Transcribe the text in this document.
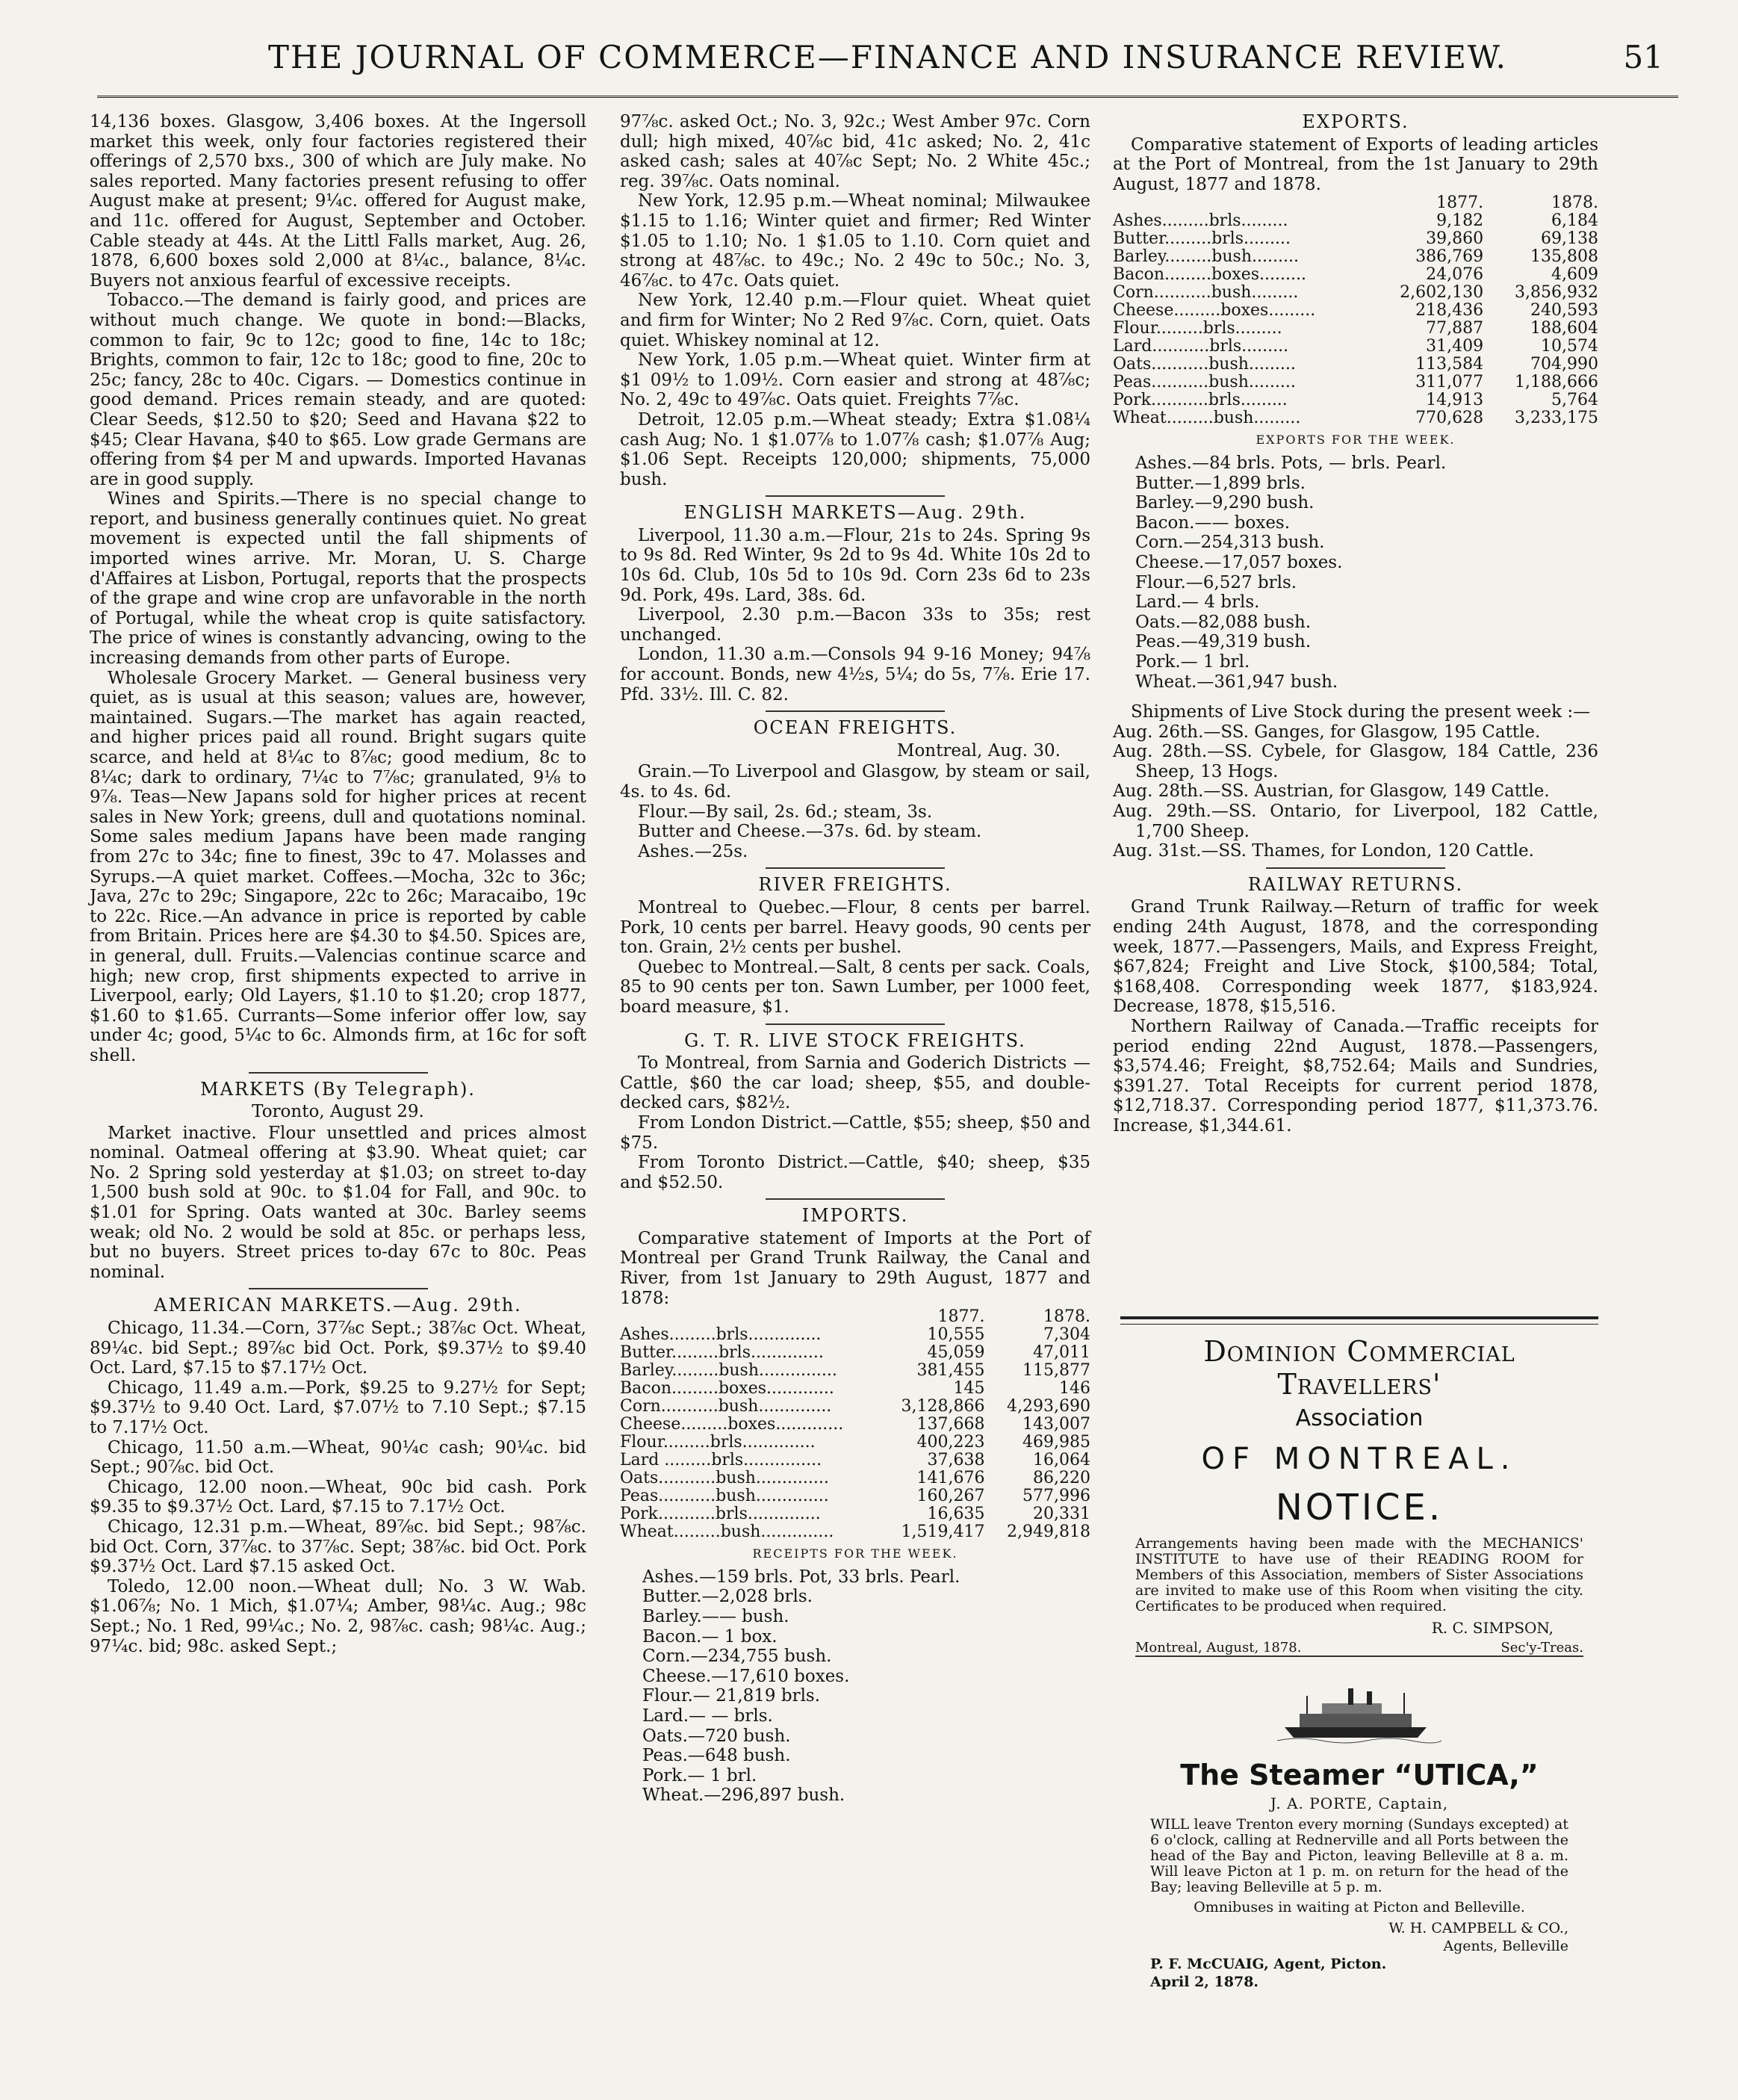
THE JOURNAL OF COMMERCE—FINANCE AND INSURANCE REVIEW.	51

14,136 boxes. Glasgow, 3,406 boxes. At the Ingersoll market this week, only four factories registered their offerings of 2,570 bxs., 300 of which are July make. No sales reported. Many factories present refusing to offer August make at present; 9¼c. offered for August make, and 11c. offered for August, September and October. Cable steady at 44s. At the Littl Falls market, Aug. 26, 1878, 6,600 boxes sold 2,000 at 8¼c., balance, 8¼c. Buyers not anxious fearful of excessive receipts.

Tobacco.—The demand is fairly good, and prices are without much change. We quote in bond:—Blacks, common to fair, 9c to 12c; good to fine, 14c to 18c; Brights, common to fair, 12c to 18c; good to fine, 20c to 25c; fancy, 28c to 40c. Cigars. — Domestics continue in good demand. Prices remain steady, and are quoted: Clear Seeds, $12.50 to $20; Seed and Havana $22 to $45; Clear Havana, $40 to $65. Low grade Germans are offering from $4 per M and upwards. Imported Havanas are in good supply.

Wines and Spirits.—There is no special change to report, and business generally continues quiet. No great movement is expected until the fall shipments of imported wines arrive. Mr. Moran, U. S. Charge d'Affaires at Lisbon, Portugal, reports that the prospects of the grape and wine crop are unfavorable in the north of Portugal, while the wheat crop is quite satisfactory. The price of wines is constantly advancing, owing to the increasing demands from other parts of Europe.

Wholesale Grocery Market. — General business very quiet, as is usual at this season; values are, however, maintained. Sugars.—The market has again reacted, and higher prices paid all round. Bright sugars quite scarce, and held at 8¼c to 8⅞c; good medium, 8c to 8¼c; dark to ordinary, 7¼c to 7⅞c; granulated, 9⅛ to 9⅞. Teas—New Japans sold for higher prices at recent sales in New York; greens, dull and quotations nominal. Some sales medium Japans have been made ranging from 27c to 34c; fine to finest, 39c to 47. Molasses and Syrups.—A quiet market. Coffees.—Mocha, 32c to 36c; Java, 27c to 29c; Singapore, 22c to 26c; Maracaibo, 19c to 22c. Rice.—An advance in price is reported by cable from Britain. Prices here are $4.30 to $4.50. Spices are, in general, dull. Fruits.—Valencias continue scarce and high; new crop, first shipments expected to arrive in Liverpool, early; Old Layers, $1.10 to $1.20; crop 1877, $1.60 to $1.65. Currants—Some inferior offer low, say under 4c; good, 5¼c to 6c. Almonds firm, at 16c for soft shell.

MARKETS (By Telegraph).
Toronto, August 29.

Market inactive. Flour unsettled and prices almost nominal. Oatmeal offering at $3.90. Wheat quiet; car No. 2 Spring sold yesterday at $1.03; on street to-day 1,500 bush sold at 90c. to $1.04 for Fall, and 90c. to $1.01 for Spring. Oats wanted at 30c. Barley seems weak; old No. 2 would be sold at 85c. or perhaps less, but no buyers. Street prices to-day 67c to 80c. Peas nominal.

AMERICAN MARKETS.—Aug. 29th.

Chicago, 11.34.—Corn, 37⅞c Sept.; 38⅞c Oct. Wheat, 89¼c. bid Sept.; 89⅞c bid Oct. Pork, $9.37½ to $9.40 Oct. Lard, $7.15 to $7.17½ Oct.

Chicago, 11.49 a.m.—Pork, $9.25 to 9.27½ for Sept; $9.37½ to 9.40 Oct. Lard, $7.07½ to 7.10 Sept.; $7.15 to 7.17½ Oct.

Chicago, 11.50 a.m.—Wheat, 90¼c cash; 90¼c. bid Sept.; 90⅞c. bid Oct.

Chicago, 12.00 noon.—Wheat, 90c bid cash. Pork $9.35 to $9.37½ Oct. Lard, $7.15 to 7.17½ Oct.

Chicago, 12.31 p.m.—Wheat, 89⅞c. bid Sept.; 98⅞c. bid Oct. Corn, 37⅞c. to 37⅞c. Sept; 38⅞c. bid Oct. Pork $9.37½ Oct. Lard $7.15 asked Oct.

Toledo, 12.00 noon.—Wheat dull; No. 3 W. Wab. $1.06⅞; No. 1 Mich, $1.07¼; Amber, 98¼c. Aug.; 98c Sept.; No. 1 Red, 99¼c.; No. 2, 98⅞c. cash; 98¼c. Aug.; 97¼c. bid; 98c. asked Sept.;

97⅞c. asked Oct.; No. 3, 92c.; West Amber 97c. Corn dull; high mixed, 40⅞c bid, 41c asked; No. 2, 41c asked cash; sales at 40⅞c Sept; No. 2 White 45c.; reg. 39⅞c. Oats nominal.

New York, 12.95 p.m.—Wheat nominal; Milwaukee $1.15 to 1.16; Winter quiet and firmer; Red Winter $1.05 to 1.10; No. 1 $1.05 to 1.10. Corn quiet and strong at 48⅞c. to 49c.; No. 2 49c to 50c.; No. 3, 46⅞c. to 47c. Oats quiet.

New York, 12.40 p.m.—Flour quiet. Wheat quiet and firm for Winter; No 2 Red 9⅞c. Corn, quiet. Oats quiet. Whiskey nominal at 12.

New York, 1.05 p.m.—Wheat quiet. Winter firm at $1 09½ to 1.09½. Corn easier and strong at 48⅞c; No. 2, 49c to 49⅞c. Oats quiet. Freights 7⅞c.

Detroit, 12.05 p.m.—Wheat steady; Extra $1.08¼ cash Aug; No. 1 $1.07⅞ to 1.07⅞ cash; $1.07⅞ Aug; $1.06 Sept. Receipts 120,000; shipments, 75,000 bush.

ENGLISH MARKETS—Aug. 29th.

Liverpool, 11.30 a.m.—Flour, 21s to 24s. Spring 9s to 9s 8d. Red Winter, 9s 2d to 9s 4d. White 10s 2d to 10s 6d. Club, 10s 5d to 10s 9d. Corn 23s 6d to 23s 9d. Pork, 49s. Lard, 38s. 6d.

Liverpool, 2.30 p.m.—Bacon 33s to 35s; rest unchanged.

London, 11.30 a.m.—Consols 94 9-16 Money; 94⅞ for account. Bonds, new 4½s, 5¼; do 5s, 7⅞. Erie 17. Pfd. 33½. Ill. C. 82.

OCEAN FREIGHTS.
Montreal, Aug. 30.

Grain.—To Liverpool and Glasgow, by steam or sail, 4s. to 4s. 6d.

Flour.—By sail, 2s. 6d.; steam, 3s.

Butter and Cheese.—37s. 6d. by steam.

Ashes.—25s.

RIVER FREIGHTS.

Montreal to Quebec.—Flour, 8 cents per barrel. Pork, 10 cents per barrel. Heavy goods, 90 cents per ton. Grain, 2½ cents per bushel.

Quebec to Montreal.—Salt, 8 cents per sack. Coals, 85 to 90 cents per ton. Sawn Lumber, per 1000 feet, board measure, $1.

G. T. R. LIVE STOCK FREIGHTS.

To Montreal, from Sarnia and Goderich Districts —Cattle, $60 the car load; sheep, $55, and double-decked cars, $82½.

From London District.—Cattle, $55; sheep, $50 and $75.

From Toronto District.—Cattle, $40; sheep, $35 and $52.50.

IMPORTS.

Comparative statement of Imports at the Port of Montreal per Grand Trunk Railway, the Canal and River, from 1st January to 29th August, 1877 and 1878:

	1877.	1878.
Ashes.........brls..............	10,555	7,304
Butter.........brls..............	45,059	47,011
Barley.........bush...............	381,455	115,877
Bacon.........boxes.............	145	146
Corn...........bush..............	3,128,866	4,293,690
Cheese.........boxes.............	137,668	143,007
Flour.........brls..............	400,223	469,985
Lard .........brls...............	37,638	16,064
Oats...........bush..............	141,676	86,220
Peas...........bush..............	160,267	577,996
Pork...........brls..............	16,635	20,331
Wheat.........bush..............	1,519,417	2,949,818
RECEIPTS FOR THE WEEK.

Ashes.—159 brls. Pot, 33 brls. Pearl.

Butter.—2,028 brls.

Barley.—— bush.

Bacon.— 1 box.

Corn.—234,755 bush.

Cheese.—17,610 boxes.

Flour.— 21,819 brls.

Lard.— — brls.

Oats.—720 bush.

Peas.—648 bush.

Pork.— 1 brl.

Wheat.—296,897 bush.

EXPORTS.

Comparative statement of Exports of leading articles at the Port of Montreal, from the 1st January to 29th August, 1877 and 1878.

	1877.	1878.
Ashes.........brls.........	9,182	6,184
Butter.........brls.........	39,860	69,138
Barley.........bush.........	386,769	135,808
Bacon.........boxes.........	24,076	4,609
Corn...........bush.........	2,602,130	3,856,932
Cheese.........boxes.........	218,436	240,593
Flour.........brls.........	77,887	188,604
Lard...........brls.........	31,409	10,574
Oats...........bush.........	113,584	704,990
Peas...........bush.........	311,077	1,188,666
Pork...........brls.........	14,913	5,764
Wheat.........bush.........	770,628	3,233,175
EXPORTS FOR THE WEEK.

Ashes.—84 brls. Pots, — brls. Pearl.

Butter.—1,899 brls.

Barley.—9,290 bush.

Bacon.—— boxes.

Corn.—254,313 bush.

Cheese.—17,057 boxes.

Flour.—6,527 brls.

Lard.— 4 brls.

Oats.—82,088 bush.

Peas.—49,319 bush.

Pork.— 1 brl.

Wheat.—361,947 bush.

Shipments of Live Stock during the present week :—

Aug. 26th.—SS. Ganges, for Glasgow, 195 Cattle.

Aug. 28th.—SS. Cybele, for Glasgow, 184 Cattle, 236 Sheep, 13 Hogs.

Aug. 28th.—SS. Austrian, for Glasgow, 149 Cattle.

Aug. 29th.—SS. Ontario, for Liverpool, 182 Cattle, 1,700 Sheep.

Aug. 31st.—SS. Thames, for London, 120 Cattle.

RAILWAY RETURNS.

Grand Trunk Railway.—Return of traffic for week ending 24th August, 1878, and the corresponding week, 1877.—Passengers, Mails, and Express Freight, $67,824; Freight and Live Stock, $100,584; Total, $168,408. Corresponding week 1877, $183,924. Decrease, 1878, $15,516.

Northern Railway of Canada.—Traffic receipts for period ending 22nd August, 1878.—Passengers, $3,574.46; Freight, $8,752.64; Mails and Sundries, $391.27. Total Receipts for current period 1878, $12,718.37. Corresponding period 1877, $11,373.76. Increase, $1,344.61.

Dominion Commercial Travellers'
Association
OF MONTREAL.
NOTICE.
Arrangements having been made with the MECHANICS' INSTITUTE to have use of their READING ROOM for Members of this Association, members of Sister Associations are invited to make use of this Room when visiting the city. Certificates to be produced when required.
R. C. SIMPSON,
Montreal, August, 1878.	Sec'y-Treas.
The Steamer “UTICA,”
J. A. PORTE, Captain,
WILL leave Trenton every morning (Sundays excepted) at 6 o'clock, calling at Rednerville and all Ports between the head of the Bay and Picton, leaving Belleville at 8 a. m. Will leave Picton at 1 p. m. on return for the head of the Bay; leaving Belleville at 5 p. m.
Omnibuses in waiting at Picton and Belleville.
W. H. CAMPBELL & CO.,
Agents, Belleville
P. F. McCUAIG, Agent, Picton.
April 2, 1878.
